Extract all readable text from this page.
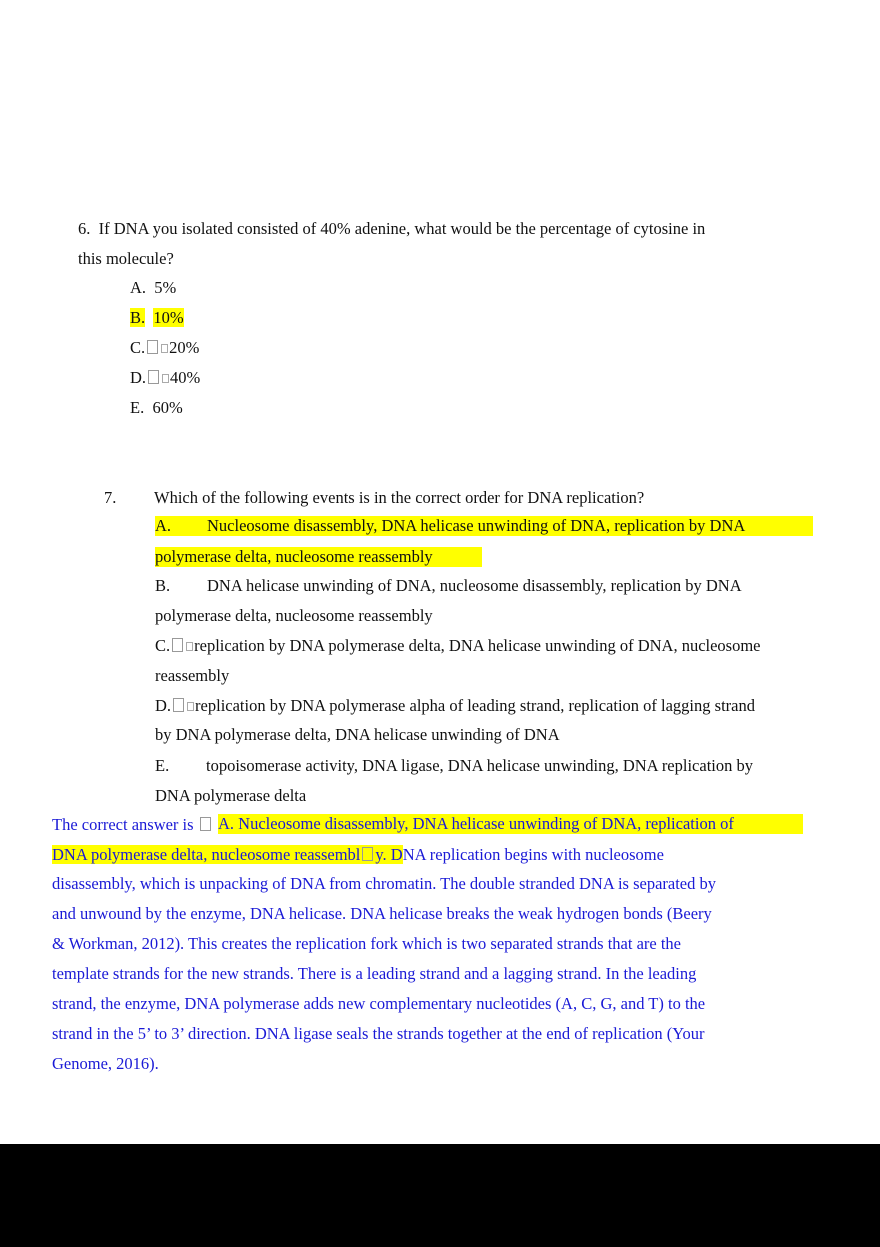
6. If DNA you isolated consisted of 40% adenine, what would be the percentage of cytosine in
this molecule?
A. 5%
B. 10%
C. 20%
D. 40%
E. 60%
7. Which of the following events is in the correct order for DNA replication?
A. Nucleosome disassembly, DNA helicase unwinding of DNA, replication by DNA
polymerase delta, nucleosome reassembly
B. DNA helicase unwinding of DNA, nucleosome disassembly, replication by DNA
polymerase delta, nucleosome reassembly
C. replication by DNA polymerase delta, DNA helicase unwinding of DNA, nucleosome
reassembly
D. replication by DNA polymerase alpha of leading strand, replication of lagging strand
by DNA polymerase delta, DNA helicase unwinding of DNA
E. topoisomerase activity, DNA ligase, DNA helicase unwinding, DNA replication by
DNA polymerase delta
The correct answer is	A. Nucleosome disassembly, DNA helicase unwinding of DNA, replication of
DNA polymerase delta, nucleosome reassembl y. DNA replication begins with nucleosome
disassembly, which is unpacking of DNA from chromatin. The double stranded DNA is separated by
and unwound by the enzyme, DNA helicase. DNA helicase breaks the weak hydrogen bonds (Beery
& Workman, 2012). This creates the replication fork which is two separated strands that are the
template strands for the new strands. There is a leading strand and a lagging strand. In the leading
strand, the enzyme, DNA polymerase adds new complementary nucleotides (A, C, G, and T) to the
strand in the 5’ to 3’ direction. DNA ligase seals the strands together at the end of replication (Your
Genome, 2016).
